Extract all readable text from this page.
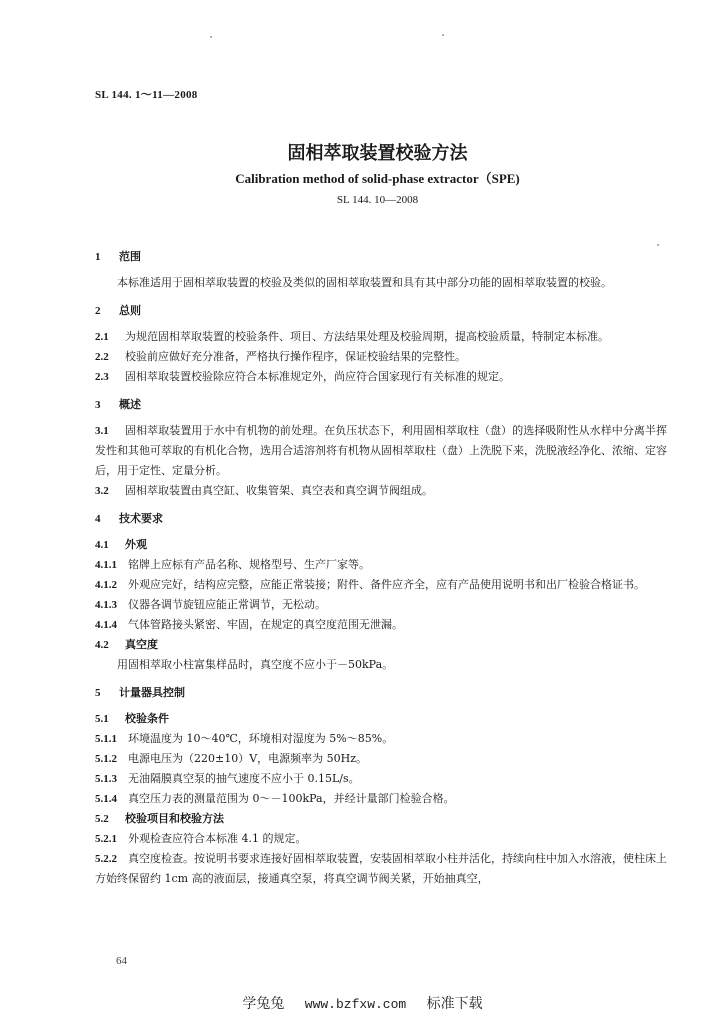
SL 144. 1～11—2008
固相萃取装置校验方法
Calibration method of solid-phase extractor（SPE)
SL 144. 10—2008
1 范围

本标准适用于固相萃取装置的校验及类似的固相萃取装置和具有其中部分功能的固相萃取装置的校验。

2 总则

2.1 为规范固相萃取装置的校验条件、项目、方法结果处理及校验周期，提高校验质量，特制定本标准。

2.2 校验前应做好充分准备，严格执行操作程序，保证校验结果的完整性。

2.3 固相萃取装置校验除应符合本标准规定外，尚应符合国家现行有关标准的规定。

3 概述

3.1 固相萃取装置用于水中有机物的前处理。在负压状态下，利用固相萃取柱（盘）的选择吸附性从水样中分离半挥发性和其他可萃取的有机化合物，选用合适溶剂将有机物从固相萃取柱（盘）上洗脱下来，洗脱液经净化、浓缩、定容后，用于定性、定量分析。

3.2 固相萃取装置由真空缸、收集管架、真空表和真空调节阀组成。

4 技术要求

4.1 外观

4.1.1 铭牌上应标有产品名称、规格型号、生产厂家等。

4.1.2 外观应完好，结构应完整，应能正常装接；附件、备件应齐全，应有产品使用说明书和出厂检验合格证书。

4.1.3 仪器各调节旋钮应能正常调节，无松动。

4.1.4 气体管路接头紧密、牢固，在规定的真空度范围无泄漏。

4.2 真空度

用固相萃取小柱富集样品时，真空度不应小于－50kPa。

5 计量器具控制

5.1 校验条件

5.1.1 环境温度为 10～40℃，环境相对湿度为 5%～85%。

5.1.2 电源电压为（220±10）V，电源频率为 50Hz。

5.1.3 无油隔膜真空泵的抽气速度不应小于 0.15L/s。

5.1.4 真空压力表的测量范围为 0～－100kPa，并经计量部门检验合格。

5.2 校验项目和校验方法

5.2.1 外观检查应符合本标准 4.1 的规定。

5.2.2 真空度检查。按说明书要求连接好固相萃取装置，安装固相萃取小柱并活化，持续向柱中加入水溶液，使柱床上方始终保留约 1cm 高的液面层，接通真空泵，将真空调节阀关紧，开始抽真空，

64
学兔兔 www.bzfxw.com 标准下载
